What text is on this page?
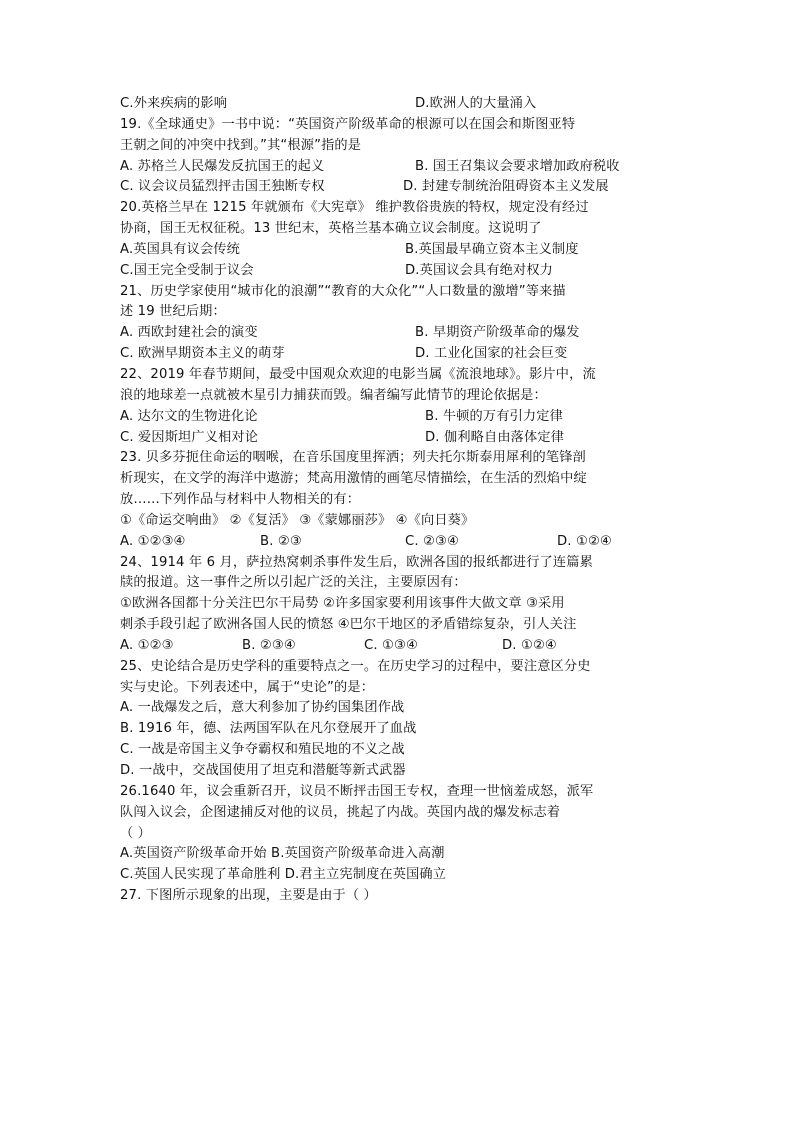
C.外来疾病的影响	D.欧洲人的大量涌入
19.《全球通史》一书中说：“英国资产阶级革命的根源可以在国会和斯图亚特
王朝之间的冲突中找到。”其“根源”指的是
A. 苏格兰人民爆发反抗国王的起义	B. 国王召集议会要求增加政府税收
C. 议会议员猛烈抨击国王独断专权	D. 封建专制统治阻碍资本主义发展
20.英格兰早在 1215 年就颁布《大宪章》 维护教俗贵族的特权，规定没有经过
协商，国王无权征税。13 世纪末，英格兰基本确立议会制度。这说明了
A.英国具有议会传统	B.英国最早确立资本主义制度
C.国王完全受制于议会	D.英国议会具有绝对权力
21、历史学家使用“城市化的浪潮”“教育的大众化”“人口数量的激增”等来描
述 19 世纪后期：
A. 西欧封建社会的演变	B. 早期资产阶级革命的爆发
C. 欧洲早期资本主义的萌芽	D. 工业化国家的社会巨变
22、2019 年春节期间，最受中国观众欢迎的电影当属《流浪地球》。影片中，流
浪的地球差一点就被木星引力捕获而毁。编者编写此情节的理论依据是：
A. 达尔文的生物进化论	B. 牛顿的万有引力定律
C. 爱因斯坦广义相对论	D. 伽利略自由落体定律
23. 贝多芬扼住命运的咽喉，在音乐国度里挥洒；列夫托尔斯泰用犀利的笔锋剖
析现实，在文学的海洋中遨游；梵高用激情的画笔尽情描绘，在生活的烈焰中绽
放……下列作品与材料中人物相关的有：
①《命运交响曲》 ②《复活》 ③《蒙娜丽莎》 ④《向日葵》
A. ①②③④	B. ②③	C. ②③④	D. ①②④
24、1914 年 6 月，萨拉热窝刺杀事件发生后，欧洲各国的报纸都进行了连篇累
牍的报道。这一事件之所以引起广泛的关注，主要原因有：
①欧洲各国都十分关注巴尔干局势 ②许多国家要利用该事件大做文章 ③采用
刺杀手段引起了欧洲各国人民的愤怒 ④巴尔干地区的矛盾错综复杂，引人关注
A. ①②③	B. ②③④	C. ①③④	D. ①②④
25、史论结合是历史学科的重要特点之一。在历史学习的过程中，要注意区分史
实与史论。下列表述中，属于“史论”的是：
A. 一战爆发之后，意大利参加了协约国集团作战
B. 1916 年，德、法两国军队在凡尔登展开了血战
C. 一战是帝国主义争夺霸权和殖民地的不义之战
D. 一战中，交战国使用了坦克和潜艇等新式武器
26.1640 年，议会重新召开，议员不断抨击国王专权，查理一世恼羞成怒，派军
队闯入议会，企图逮捕反对他的议员，挑起了内战。英国内战的爆发标志着
（ ）
A.英国资产阶级革命开始 B.英国资产阶级革命进入高潮
C.英国人民实现了革命胜利 D.君主立宪制度在英国确立
27. 下图所示现象的出现，主要是由于（ ）
